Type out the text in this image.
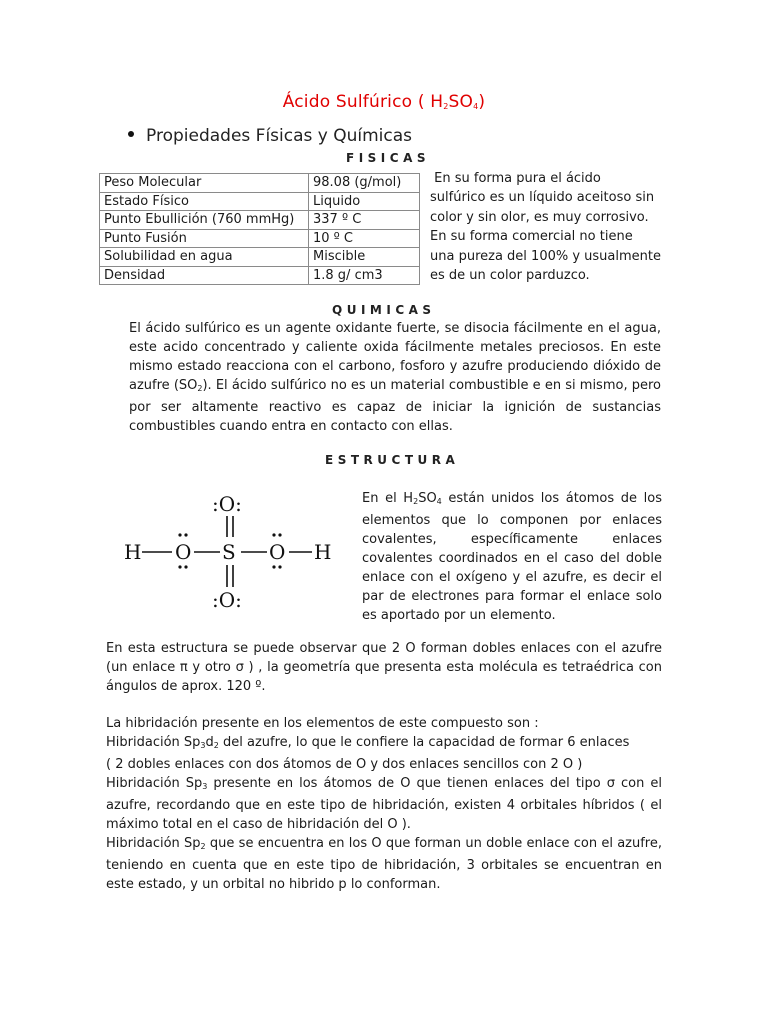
Ácido Sulfúrico ( $H_2SO_4$)
Propiedades Físicas y Químicas
FISICAS
Peso Molecular	98.08 (g/mol)
Estado Físico	Liquido
Punto Ebullición (760 mmHg)	337 º C
Punto Fusión	10 º C
Solubilidad en agua	Miscible
Densidad	1.8 g/ cm3
En su forma pura el ácido
sulfúrico es un líquido aceitoso sin
color y sin olor, es muy corrosivo.
En su forma comercial no tiene
una pureza del 100% y usualmente
es de un color parduzco.
QUIMICAS
El ácido sulfúrico es un agente oxidante fuerte, se disocia fácilmente en el agua, este acido concentrado y caliente oxida fácilmente metales preciosos. En este mismo estado reacciona con el carbono, fosforo y azufre produciendo dióxido de azufre $(SO_2)$. El ácido sulfúrico no es un material combustible e en si mismo, pero por ser altamente reactivo es capaz de iniciar la ignición de sustancias combustibles cuando entra en contacto con ellas.
ESTRUCTURA
:O:
:O:
H O S O H
En el $H_2SO_4$ están unidos los átomos de los elementos que lo componen por enlaces covalentes, específicamente enlaces covalentes coordinados en el caso del doble enlace con el oxígeno y el azufre, es decir el par de electrones para formar el enlace solo es aportado por un elemento.
En esta estructura se puede observar que 2 O forman dobles enlaces con el azufre (un enlace π y otro σ ) , la geometría que presenta esta molécula es tetraédrica con ángulos de aprox. 120 º.
La hibridación presente en los elementos de este compuesto son :
Hibridación $Sp_3d_2$ del azufre, lo que le confiere la capacidad de formar 6 enlaces
( 2 dobles enlaces con dos átomos de O y dos enlaces sencillos con 2 O )
Hibridación $Sp_3$ presente en los átomos de O que tienen enlaces del tipo σ con el azufre, recordando que en este tipo de hibridación, existen 4 orbitales híbridos ( el máximo total en el caso de hibridación del O ).
Hibridación $Sp_2$ que se encuentra en los O que forman un doble enlace con el azufre, teniendo en cuenta que en este tipo de hibridación, 3 orbitales se encuentran en este estado, y un orbital no hibrido p lo conforman.
